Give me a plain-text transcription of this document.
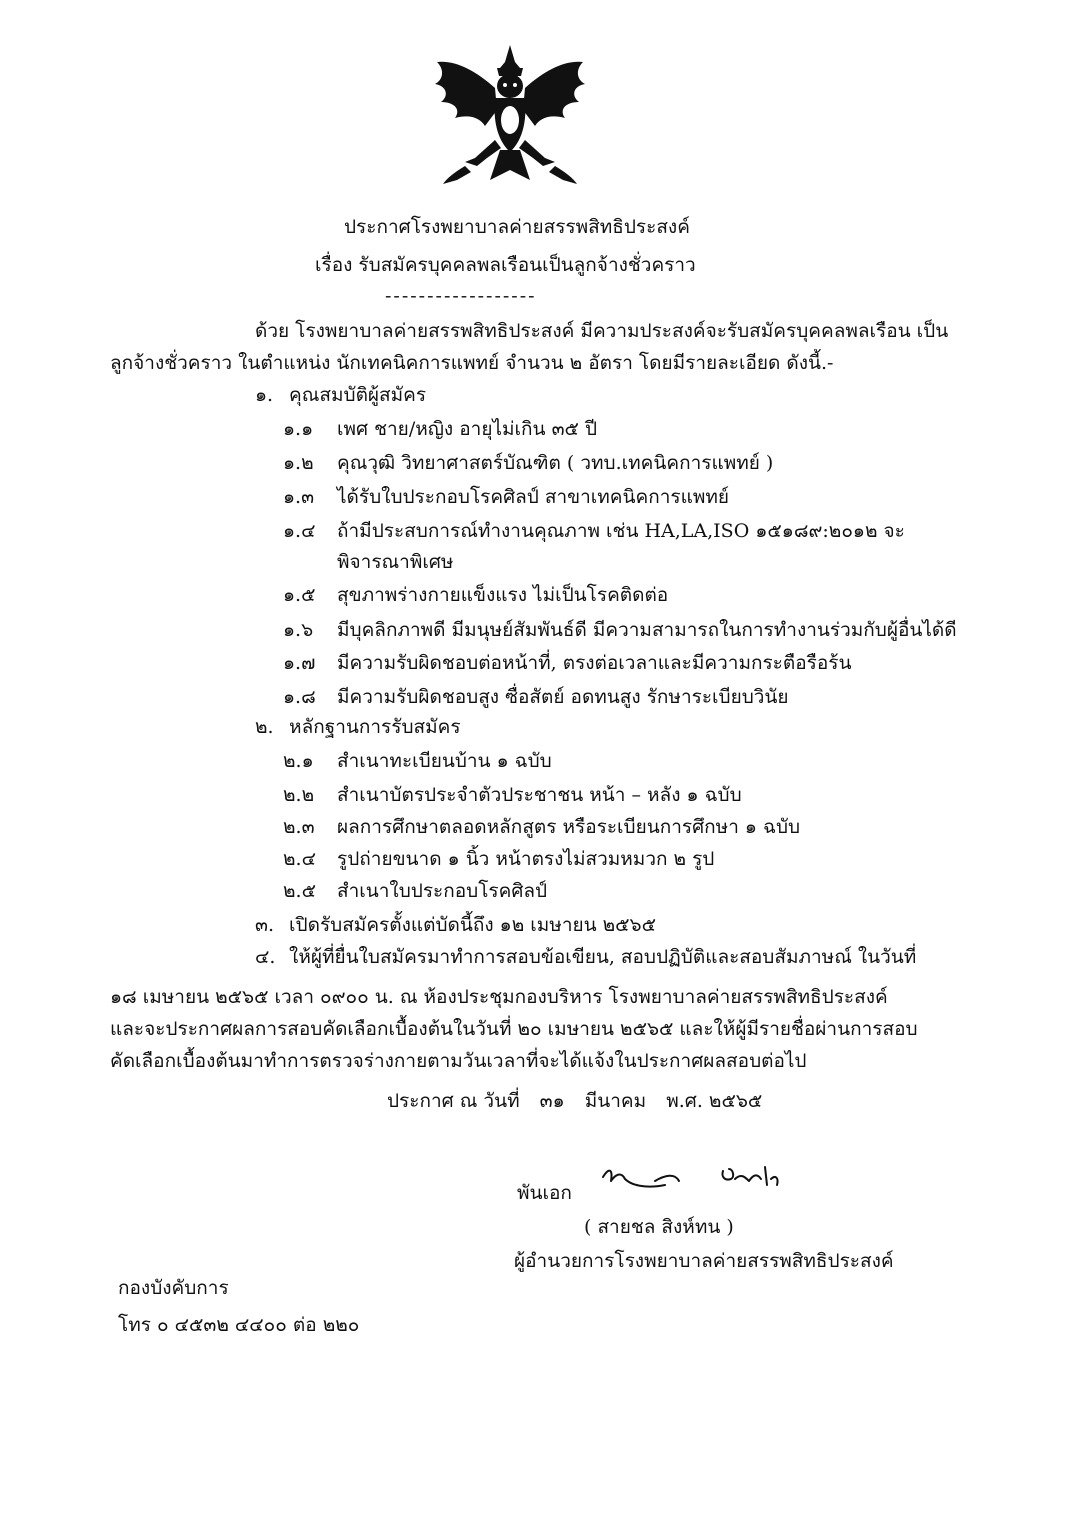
ประกาศโรงพยาบาลค่ายสรรพสิทธิประสงค์
เรื่อง รับสมัครบุคคลพลเรือนเป็นลูกจ้างชั่วคราว
------------------
ด้วย โรงพยาบาลค่ายสรรพสิทธิประสงค์ มีความประสงค์จะรับสมัครบุคคลพลเรือน เป็น
ลูกจ้างชั่วคราว ในตำแหน่ง นักเทคนิคการแพทย์ จำนวน ๒ อัตรา โดยมีรายละเอียด ดังนี้.-
๑. คุณสมบัติผู้สมัคร
๑.๑ เพศ ชาย/หญิง อายุไม่เกิน ๓๕ ปี
๑.๒ คุณวุฒิ วิทยาศาสตร์บัณฑิต ( วทบ.เทคนิคการแพทย์ )
๑.๓ ได้รับใบประกอบโรคศิลป์ สาขาเทคนิคการแพทย์
๑.๔ ถ้ามีประสบการณ์ทำงานคุณภาพ เช่น HA,LA,ISO ๑๕๑๘๙:๒๐๑๒ จะ
พิจารณาพิเศษ
๑.๕ สุขภาพร่างกายแข็งแรง ไม่เป็นโรคติดต่อ
๑.๖ มีบุคลิกภาพดี มีมนุษย์สัมพันธ์ดี มีความสามารถในการทำงานร่วมกับผู้อื่นได้ดี
๑.๗ มีความรับผิดชอบต่อหน้าที่, ตรงต่อเวลาและมีความกระตือรือร้น
๑.๘ มีความรับผิดชอบสูง ซื่อสัตย์ อดทนสูง รักษาระเบียบวินัย
๒. หลักฐานการรับสมัคร
๒.๑ สำเนาทะเบียนบ้าน ๑ ฉบับ
๒.๒ สำเนาบัตรประจำตัวประชาชน หน้า – หลัง ๑ ฉบับ
๒.๓ ผลการศึกษาตลอดหลักสูตร หรือระเบียนการศึกษา ๑ ฉบับ
๒.๔ รูปถ่ายขนาด ๑ นิ้ว หน้าตรงไม่สวมหมวก ๒ รูป
๒.๕ สำเนาใบประกอบโรคศิลป์
๓. เปิดรับสมัครตั้งแต่บัดนี้ถึง ๑๒ เมษายน ๒๕๖๕
๔. ให้ผู้ที่ยื่นใบสมัครมาทำการสอบข้อเขียน, สอบปฏิบัติและสอบสัมภาษณ์ ในวันที่
๑๘ เมษายน ๒๕๖๕ เวลา ๐๙๐๐ น. ณ ห้องประชุมกองบริหาร โรงพยาบาลค่ายสรรพสิทธิประสงค์
และจะประกาศผลการสอบคัดเลือกเบื้องต้นในวันที่ ๒๐ เมษายน ๒๕๖๕ และให้ผู้มีรายชื่อผ่านการสอบ
คัดเลือกเบื้องต้นมาทำการตรวจร่างกายตามวันเวลาที่จะได้แจ้งในประกาศผลสอบต่อไป
ประกาศ ณ วันที่ ๓๑ มีนาคม พ.ศ. ๒๕๖๕
พันเอก
( สายชล สิงห์ทน )
ผู้อำนวยการโรงพยาบาลค่ายสรรพสิทธิประสงค์
กองบังคับการ
โทร ๐ ๔๕๓๒ ๔๔๐๐ ต่อ ๒๒๐
